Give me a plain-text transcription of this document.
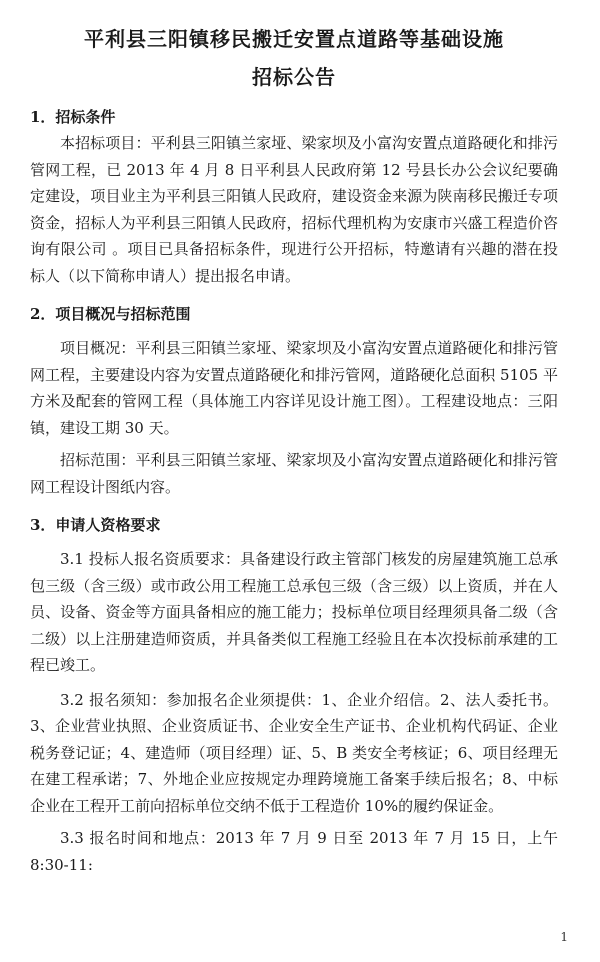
平利县三阳镇移民搬迁安置点道路等基础设施
招标公告
1．招标条件

本招标项目：平利县三阳镇兰家垭、梁家坝及小富沟安置点道路硬化和排污管网工程，已 2013 年 4 月 8 日平利县人民政府第 12 号县长办公会议纪要确定建设，项目业主为平利县三阳镇人民政府，建设资金来源为陕南移民搬迁专项资金，招标人为平利县三阳镇人民政府，招标代理机构为安康市兴盛工程造价咨询有限公司 。项目已具备招标条件，现进行公开招标，特邀请有兴趣的潜在投标人（以下简称申请人）提出报名申请。

2．项目概况与招标范围

项目概况：平利县三阳镇兰家垭、梁家坝及小富沟安置点道路硬化和排污管网工程，主要建设内容为安置点道路硬化和排污管网，道路硬化总面积 5105 平方米及配套的管网工程（具体施工内容详见设计施工图）。工程建设地点：三阳镇，建设工期 30 天。

招标范围：平利县三阳镇兰家垭、梁家坝及小富沟安置点道路硬化和排污管网工程设计图纸内容。

3．申请人资格要求

3.1 投标人报名资质要求：具备建设行政主管部门核发的房屋建筑施工总承包三级（含三级）或市政公用工程施工总承包三级（含三级）以上资质，并在人员、设备、资金等方面具备相应的施工能力；投标单位项目经理须具备二级（含二级）以上注册建造师资质，并具备类似工程施工经验且在本次投标前承建的工程已竣工。

3.2 报名须知：参加报名企业须提供：1、企业介绍信。2、法人委托书。3、企业营业执照、企业资质证书、企业安全生产证书、企业机构代码证、企业税务登记证；4、建造师（项目经理）证、5、B 类安全考核证；6、项目经理无在建工程承诺；7、外地企业应按规定办理跨境施工备案手续后报名；8、中标企业在工程开工前向招标单位交纳不低于工程造价 10%的履约保证金。

3.3 报名时间和地点：2013 年 7 月 9 日至 2013 年 7 月 15 日，上午 8:30-11:

1
